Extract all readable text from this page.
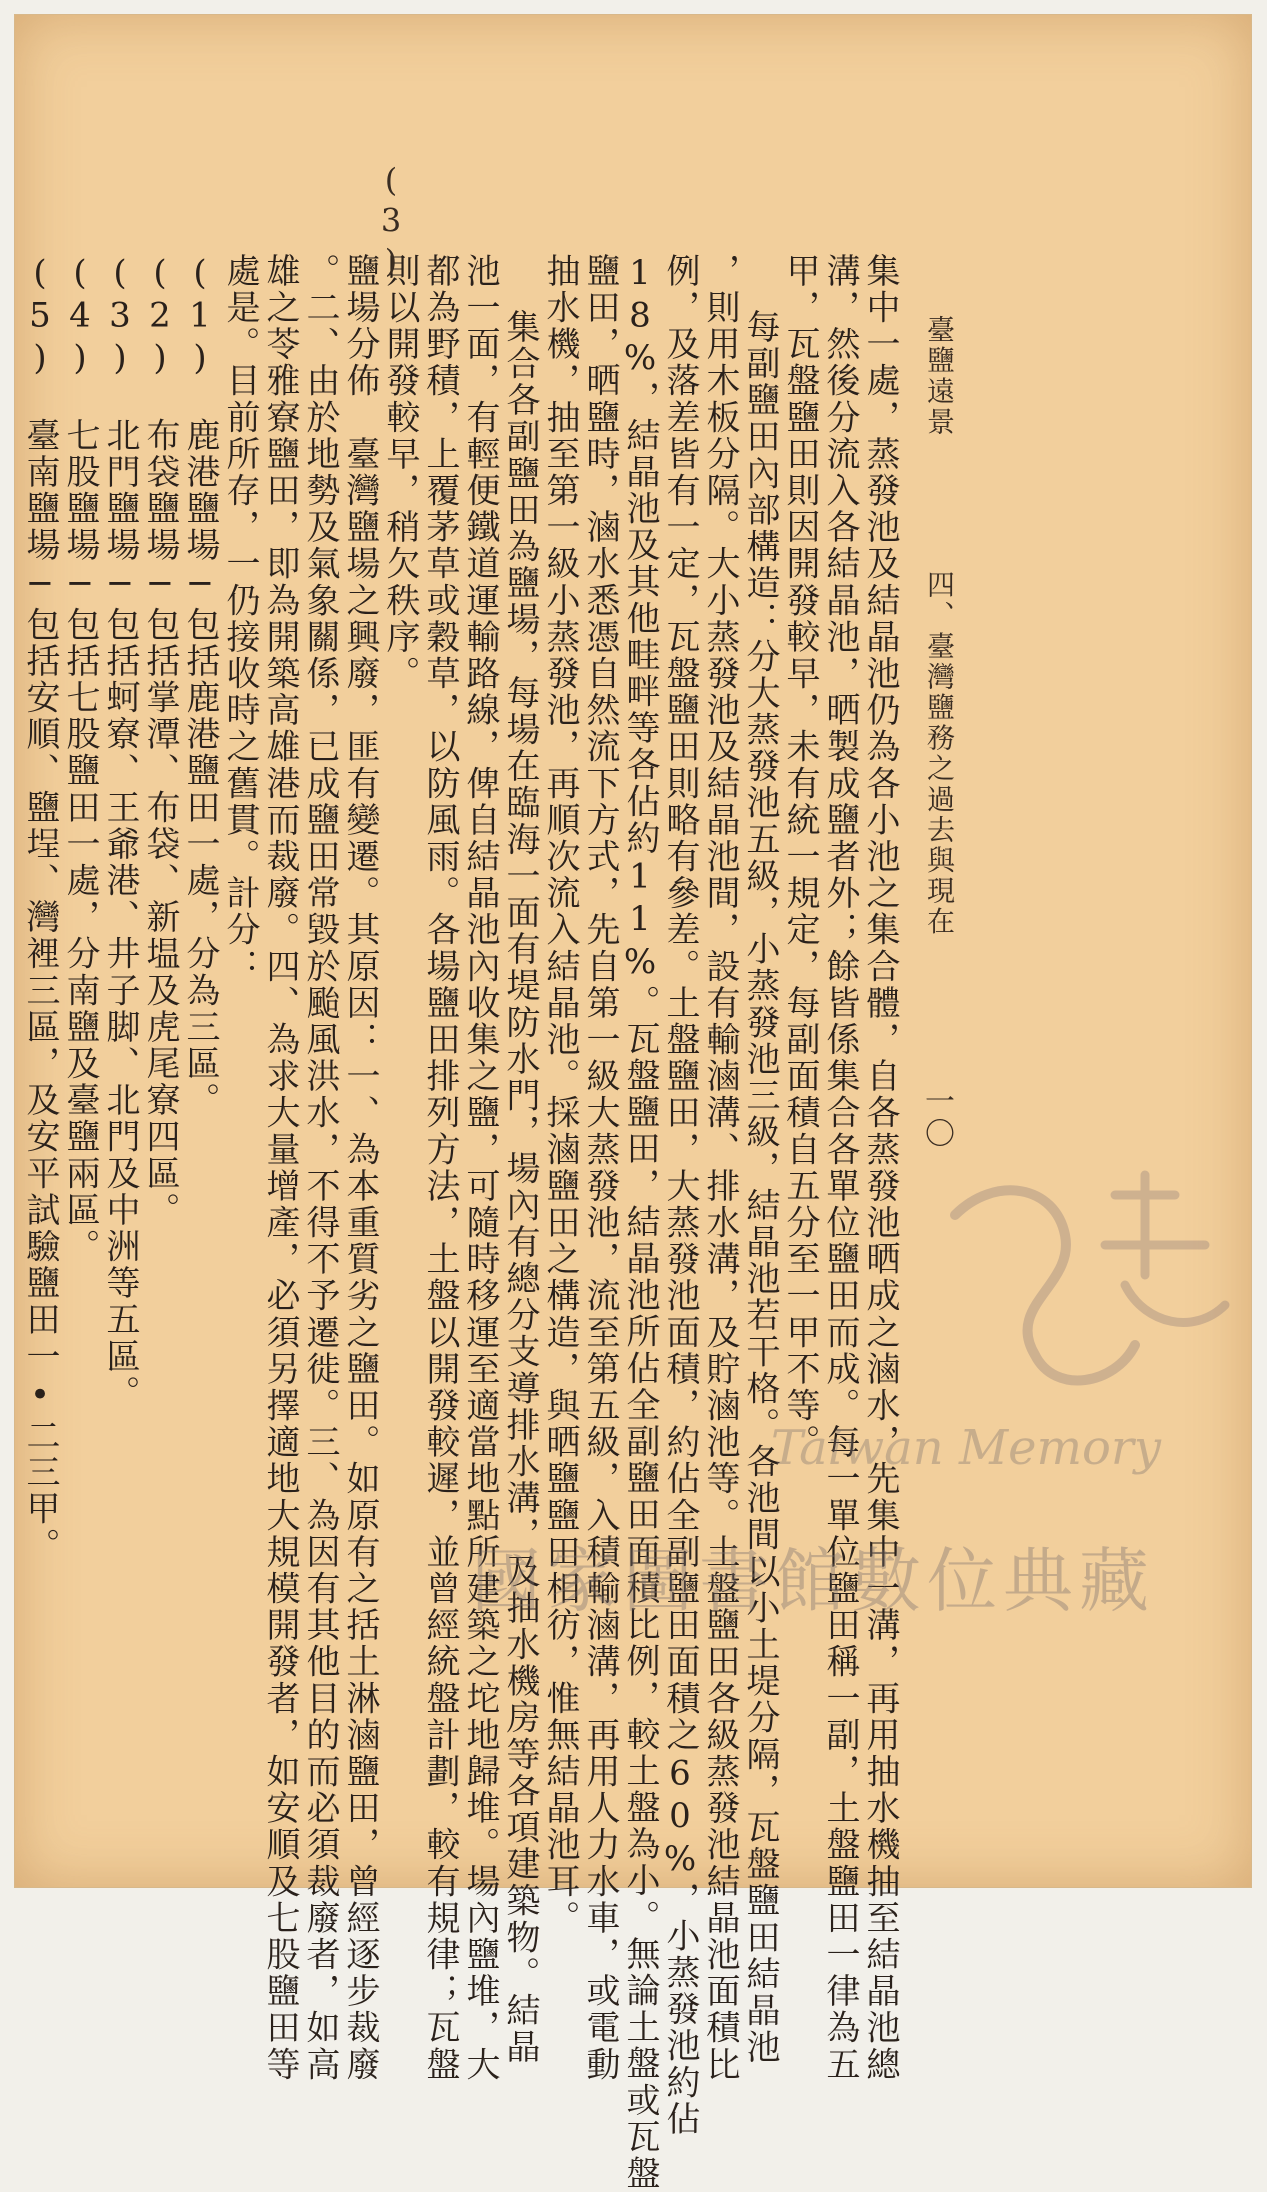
臺鹽遠景
四、臺灣鹽務之過去與現在
一〇
集中一處，蒸發池及結晶池仍為各小池之集合體，自各蒸發池晒成之滷水，先集中一溝，再用抽水機抽至結晶池總
溝，然後分流入各結晶池，晒製成鹽者外；餘皆係集合各單位鹽田而成。每一單位鹽田稱一副，土盤鹽田一律為五
甲，瓦盤鹽田則因開發較早，未有統一規定，每副面積自五分至一甲不等。
每副鹽田內部構造：分大蒸發池五級，小蒸發池三級，結晶池若干格。各池間以小土堤分隔，瓦盤鹽田結晶池
，則用木板分隔。大小蒸發池及結晶池間，設有輸滷溝、排水溝，及貯滷池等。土盤鹽田各級蒸發池結晶池面積比
例，及落差皆有一定，瓦盤鹽田則略有參差。土盤鹽田，大蒸發池面積，約佔全副鹽田面積之60%，小蒸發池約佔
18%，結晶池及其他畦畔等各佔約11%。瓦盤鹽田，結晶池所佔全副鹽田面積比例，較土盤為小。無論土盤或瓦盤
鹽田，晒鹽時，滷水悉憑自然流下方式，先自第一級大蒸發池，流至第五級，入積輸滷溝，再用人力水車，或電動
抽水機，抽至第一級小蒸發池，再順次流入結晶池。採滷鹽田之構造，與晒鹽鹽田相彷，惟無結晶池耳。
集合各副鹽田為鹽場，每場在臨海一面有堤防水門，場內有總分支導排水溝，及抽水機房等各項建築物。結晶
池一面，有輕便鐵道運輸路線，俾自結晶池內收集之鹽，可隨時移運至適當地點所建築之坨地歸堆。場內鹽堆，大
都為野積，上覆茅草或穀草，以防風雨。各場鹽田排列方法，土盤以開發較遲，並曾經統盤計劃，較有規律；瓦盤
則以開發較早，稍欠秩序。
(3)
鹽場分佈　臺灣鹽場之興廢，匪有變遷。其原因：一、為本重質劣之鹽田。如原有之括土淋滷鹽田，曾經逐步裁廢
。二、由於地勢及氣象關係，已成鹽田常毀於颱風洪水，不得不予遷徙。三、為因有其他目的而必須裁廢者，如高
雄之苓雅寮鹽田，即為開築高雄港而裁廢。四、為求大量增產，必須另擇適地大規模開發者，如安順及七股鹽田等
處是。目前所存，一仍接收時之舊貫。計分：
(1)　鹿港鹽場─包括鹿港鹽田一處，分為三區。
(2)　布袋鹽場─包括掌潭、布袋、新塭及虎尾寮四區。
(3)　北門鹽場─包括蚵寮、王爺港、井子脚、北門及中洲等五區。
(4)　七股鹽場─包括七股鹽田一處，分南鹽及臺鹽兩區。
(5)　臺南鹽場─包括安順、鹽埕、灣裡三區，及安平試驗鹽田一•二三甲。	Taiwan Memory
國家圖書館數位典藏
